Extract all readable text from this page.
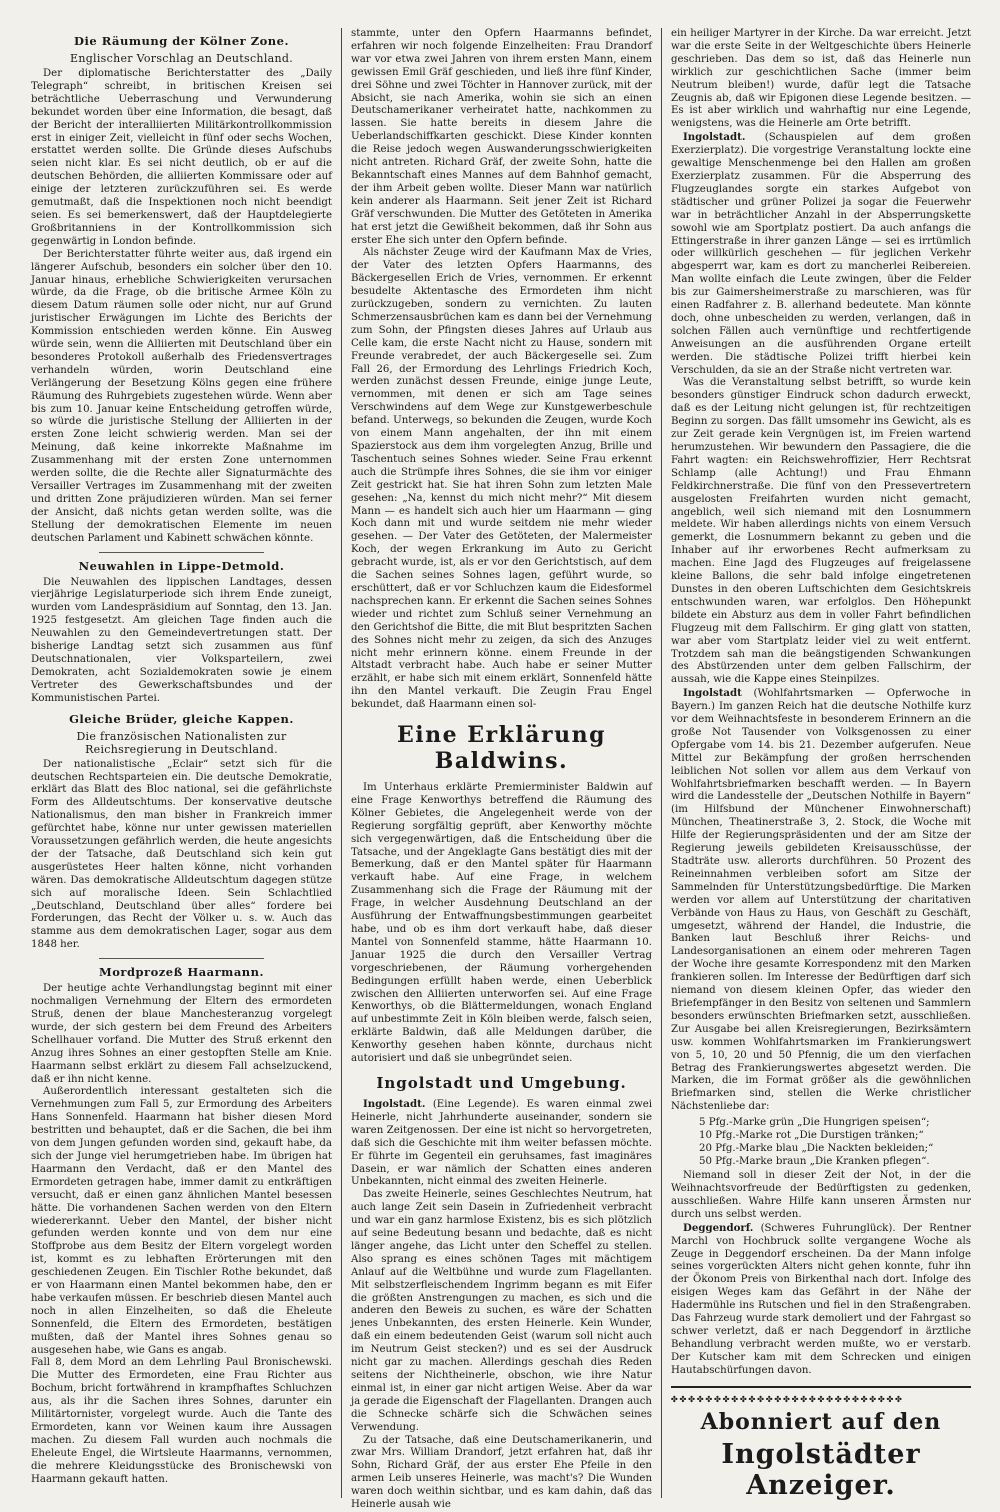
Die Räumung der Kölner Zone.
Englischer Vorschlag an Deutschland.

Der diplomatische Berichterstatter des „Daily Telegraph“ schreibt, in britischen Kreisen sei beträchtliche Ueberraschung und Verwunderung bekundet worden über eine Information, die besagt, daß der Bericht der interalliierten Militärkontrollkommission erst in einiger Zeit, vielleicht in fünf oder sechs Wochen, erstattet werden sollte. Die Gründe dieses Aufschubs seien nicht klar. Es sei nicht deutlich, ob er auf die deutschen Behörden, die alliierten Kommissare oder auf einige der letzteren zurückzuführen sei. Es werde gemutmaßt, daß die Inspektionen noch nicht beendigt seien. Es sei bemerkenswert, daß der Hauptdelegierte Großbritanniens in der Kontrollkommission sich gegenwärtig in London befinde.

Der Berichterstatter führte weiter aus, daß irgend ein längerer Aufschub, besonders ein solcher über den 10. Januar hinaus, erhebliche Schwierigkeiten verursachen würde, da die Frage, ob die britische Armee Köln zu diesem Datum räumen solle oder nicht, nur auf Grund juristischer Erwägungen im Lichte des Berichts der Kommission entschieden werden könne. Ein Ausweg würde sein, wenn die Alliierten mit Deutschland über ein besonderes Protokoll außerhalb des Friedensvertrages verhandeln würden, worin Deutschland eine Verlängerung der Besetzung Kölns gegen eine frühere Räumung des Ruhrgebiets zugestehen würde. Wenn aber bis zum 10. Januar keine Entscheidung getroffen würde, so würde die juristische Stellung der Alliierten in der ersten Zone leicht schwierig werden. Man sei der Meinung, daß keine inkorrekte Maßnahme im Zusammenhang mit der ersten Zone unternommen werden sollte, die die Rechte aller Signaturmächte des Versailler Vertrages im Zusammenhang mit der zweiten und dritten Zone präjudizieren würden. Man sei ferner der Ansicht, daß nichts getan werden sollte, was die Stellung der demokratischen Elemente im neuen deutschen Parlament und Kabinett schwächen könnte.

Neuwahlen in Lippe-Detmold.

Die Neuwahlen des lippischen Landtages, dessen vierjährige Legislaturperiode sich ihrem Ende zuneigt, wurden vom Landespräsidium auf Sonntag, den 13. Jan. 1925 festgesetzt. Am gleichen Tage finden auch die Neuwahlen zu den Gemeindevertretungen statt. Der bisherige Landtag setzt sich zusammen aus fünf Deutschnationalen, vier Volksparteilern, zwei Demokraten, acht Sozialdemokraten sowie je einem Vertreter des Gewerkschaftsbundes und der Kommunistischen Partei.

Gleiche Brüder, gleiche Kappen.
Die französischen Nationalisten zur Reichsregierung in Deutschland.

Der nationalistische „Eclair“ setzt sich für die deutschen Rechtsparteien ein. Die deutsche Demokratie, erklärt das Blatt des Bloc national, sei die gefährlichste Form des Alldeutschtums. Der konservative deutsche Nationalismus, den man bisher in Frankreich immer gefürchtet habe, könne nur unter gewissen materiellen Voraussetzungen gefährlich werden, die heute angesichts der der Tatsache, daß Deutschland sich kein gut ausgerüstetes Heer halten könne, nicht vorhanden wären. Das demokratische Alldeutschtum dagegen stütze sich auf moralische Ideen. Sein Schlachtlied „Deutschland, Deutschland über alles“ fordere bei Forderungen, das Recht der Völker u. s. w. Auch das stamme aus dem demokratischen Lager, sogar aus dem 1848 her.

Mordprozeß Haarmann.

Der heutige achte Verhandlungstag beginnt mit einer nochmaligen Vernehmung der Eltern des ermordeten Struß, denen der blaue Manchesteranzug vorgelegt wurde, der sich gestern bei dem Freund des Arbeiters Schellhauer vorfand. Die Mutter des Struß erkennt den Anzug ihres Sohnes an einer gestopften Stelle am Knie. Haarmann selbst erklärt zu diesem Fall achselzuckend, daß er ihn nicht kenne.

Außerordentlich interessant gestalteten sich die Vernehmungen zum Fall 5, zur Ermordung des Arbeiters Hans Sonnenfeld. Haarmann hat bisher diesen Mord bestritten und behauptet, daß er die Sachen, die bei ihm von dem Jungen gefunden worden sind, gekauft habe, da sich der Junge viel herumgetrieben habe. Im übrigen hat Haarmann den Verdacht, daß er den Mantel des Ermordeten getragen habe, immer damit zu entkräftigen versucht, daß er einen ganz ähnlichen Mantel besessen hätte. Die vorhandenen Sachen werden von den Eltern wiedererkannt. Ueber den Mantel, der bisher nicht gefunden werden konnte und von dem nur eine Stoffprobe aus dem Besitz der Eltern vorgelegt worden ist, kommt es zu lebhaften Erörterungen mit den geschiedenen Zeugen. Ein Tischler Rothe bekundet, daß er von Haarmann einen Mantel bekommen habe, den er habe verkaufen müssen. Er beschrieb diesen Mantel auch noch in allen Einzelheiten, so daß die Eheleute Sonnenfeld, die Eltern des Ermordeten, bestätigen mußten, daß der Mantel ihres Sohnes genau so ausgesehen habe, wie Gans es angab.

Fall 8, dem Mord an dem Lehrling Paul Bronischewski. Die Mutter des Ermordeten, eine Frau Richter aus Bochum, bricht fortwährend in krampfhaftes Schluchzen aus, als ihr die Sachen ihres Sohnes, darunter ein Militärtornister, vorgelegt wurde. Auch die Tante des Ermordeten, kann vor Weinen kaum ihre Aussagen machen. Zu diesem Fall wurden auch nochmals die Eheleute Engel, die Wirtsleute Haarmanns, vernommen, die mehrere Kleidungsstücke des Bronischewski von Haarmann gekauft hatten.

stammte, unter den Opfern Haarmanns befindet, erfahren wir noch folgende Einzelheiten: Frau Drandorf war vor etwa zwei Jahren von ihrem ersten Mann, einem gewissen Emil Gräf geschieden, und ließ ihre fünf Kinder, drei Söhne und zwei Töchter in Hannover zurück, mit der Absicht, sie nach Amerika, wohin sie sich an einen Deutschamerikaner verheiratet hatte, nachkommen zu lassen. Sie hatte bereits in diesem Jahre die Ueberlandschiffkarten geschickt. Diese Kinder konnten die Reise jedoch wegen Auswanderungsschwierigkeiten nicht antreten. Richard Gräf, der zweite Sohn, hatte die Bekanntschaft eines Mannes auf dem Bahnhof gemacht, der ihm Arbeit geben wollte. Dieser Mann war natürlich kein anderer als Haarmann. Seit jener Zeit ist Richard Gräf verschwunden. Die Mutter des Getöteten in Amerika hat erst jetzt die Gewißheit bekommen, daß ihr Sohn aus erster Ehe sich unter den Opfern befinde.

Als nächster Zeuge wird der Kaufmann Max de Vries, der Vater des letzten Opfers Haarmanns, des Bäckergesellen Erich de Vries, vernommen. Er erkennt besudelte Aktentasche des Ermordeten ihm nicht zurückzugeben, sondern zu vernichten. Zu lauten Schmerzensausbrüchen kam es dann bei der Vernehmung zum Sohn, der Pfingsten dieses Jahres auf Urlaub aus Celle kam, die erste Nacht nicht zu Hause, sondern mit Freunde verabredet, der auch Bäckergeselle sei. Zum Fall 26, der Ermordung des Lehrlings Friedrich Koch, werden zunächst dessen Freunde, einige junge Leute, vernommen, mit denen er sich am Tage seines Verschwindens auf dem Wege zur Kunstgewerbeschule befand. Unterwegs, so bekunden die Zeugen, wurde Koch von einem Mann angehalten, der ihn mit einem Spazierstock aus dem ihm vorgelegten Anzug, Brille und Taschentuch seines Sohnes wieder. Seine Frau erkennt auch die Strümpfe ihres Sohnes, die sie ihm vor einiger Zeit gestrickt hat. Sie hat ihren Sohn zum letzten Male gesehen: „Na, kennst du mich nicht mehr?“ Mit diesem Mann — es handelt sich auch hier um Haarmann — ging Koch dann mit und wurde seitdem nie mehr wieder gesehen. — Der Vater des Getöteten, der Malermeister Koch, der wegen Erkrankung im Auto zu Gericht gebracht wurde, ist, als er vor den Gerichtstisch, auf dem die Sachen seines Sohnes lagen, geführt wurde, so erschüttert, daß er vor Schluchzen kaum die Eidesformel nachsprechen kann. Er erkennt die Sachen seines Sohnes wieder und richtet zum Schluß seiner Vernehmung an den Gerichtshof die Bitte, die mit Blut bespritzten Sachen des Sohnes nicht mehr zu zeigen, da sich des Anzuges nicht mehr erinnern könne. einem Freunde in der Altstadt verbracht habe. Auch habe er seiner Mutter erzählt, er habe sich mit einem erklärt, Sonnenfeld hätte ihn den Mantel verkauft. Die Zeugin Frau Engel bekundet, daß Haarmann einen sol-

Eine Erklärung Baldwins.

Im Unterhaus erklärte Premierminister Baldwin auf eine Frage Kenworthys betreffend die Räumung des Kölner Gebietes, die Angelegenheit werde von der Regierung sorgfältig geprüft, aber Kenworthy möchte sich vergegenwärtigen, daß die Entscheidung über die Tatsache, und der Angeklagte Gans bestätigt dies mit der Bemerkung, daß er den Mantel später für Haarmann verkauft habe. Auf eine Frage, in welchem Zusammenhang sich die Frage der Räumung mit der Frage, in welcher Ausdehnung Deutschland an der Ausführung der Entwaffnungsbestimmungen gearbeitet habe, und ob es ihm dort verkauft habe, daß dieser Mantel von Sonnenfeld stamme, hätte Haarmann 10. Januar 1925 die durch den Versailler Vertrag vorgeschriebenen, der Räumung vorhergehenden Bedingungen erfüllt haben werde, einen Ueberblick zwischen den Alliierten unterworfen sei. Auf eine Frage Kenworthys, ob die Blättermeldungen, wonach England auf unbestimmte Zeit in Köln bleiben werde, falsch seien, erklärte Baldwin, daß alle Meldungen darüber, die Kenworthy gesehen haben könnte, durchaus nicht autorisiert und daß sie unbegründet seien.

Ingolstadt und Umgebung.

Ingolstadt. (Eine Legende). Es waren einmal zwei Heinerle, nicht Jahrhunderte auseinander, sondern sie waren Zeitgenossen. Der eine ist nicht so hervorgetreten, daß sich die Geschichte mit ihm weiter befassen möchte. Er führte im Gegenteil ein geruhsames, fast imaginäres Dasein, er war nämlich der Schatten eines anderen Unbekannten, nicht einmal des zweiten Heinerle.

Das zweite Heinerle, seines Geschlechtes Neutrum, hat auch lange Zeit sein Dasein in Zufriedenheit verbracht und war ein ganz harmlose Existenz, bis es sich plötzlich auf seine Bedeutung besann und bedachte, daß es nicht länger angehe, das Licht unter den Scheffel zu stellen. Also sprang es eines schönen Tages mit mächtigem Anlauf auf die Weltbühne und wurde zum Flagellanten. Mit selbstzerfleischendem Ingrimm begann es mit Eifer die größten Anstrengungen zu machen, es sich und die anderen den Beweis zu suchen, es wäre der Schatten jenes Unbekannten, des ersten Heinerle. Kein Wunder, daß ein einem bedeutenden Geist (warum soll nicht auch im Neutrum Geist stecken?) und es sei der Ausdruck nicht gar zu machen. Allerdings geschah dies Reden seitens der Nichtheinerle, obschon, wie ihre Natur einmal ist, in einer gar nicht artigen Weise. Aber da war ja gerade die Eigenschaft der Flagellanten. Drangen auch die Schnecke schärfe sich die Schwächen seines Verwendung.

Zu der Tatsache, daß eine Deutschamerikanerin, und zwar Mrs. William Drandorf, jetzt erfahren hat, daß ihr Sohn, Richard Gräf, der aus erster Ehe Pfeile in den armen Leib unseres Heinerle, was macht's? Die Wunden waren doch weithin sichtbar, und es kam dahin, daß das Heinerle ausah wie

ein heiliger Martyrer in der Kirche. Da war erreicht. Jetzt war die erste Seite in der Weltgeschichte übers Heinerle geschrieben. Das dem so ist, daß das Heinerle nun wirklich zur geschichtlichen Sache (immer beim Neutrum bleiben!) wurde, dafür legt die Tatsache Zeugnis ab, daß wir Epigonen diese Legende besitzen. — Es ist aber wirklich und wahrhaftig nur eine Legende, wenigstens, was die Heinerle am Orte betrifft.

Ingolstadt. (Schauspielen auf dem großen Exerzierplatz). Die vorgestrige Veranstaltung lockte eine gewaltige Menschenmenge bei den Hallen am großen Exerzierplatz zusammen. Für die Absperrung des Flugzeuglandes sorgte ein starkes Aufgebot von städtischer und grüner Polizei ja sogar die Feuerwehr war in beträchtlicher Anzahl in der Absperrungskette sowohl wie am Sportplatz postiert. Da auch anfangs die Ettingerstraße in ihrer ganzen Länge — sei es irrtümlich oder willkürlich geschehen — für jeglichen Verkehr abgesperrt war, kam es dort zu mancherlei Reibereien. Man wollte einfach die Leute zwingen, über die Felder bis zur Gaimersheimerstraße zu marschieren, was für einen Radfahrer z. B. allerhand bedeutete. Man könnte doch, ohne unbescheiden zu werden, verlangen, daß in solchen Fällen auch vernünftige und rechtfertigende Anweisungen an die ausführenden Organe erteilt werden. Die städtische Polizei trifft hierbei kein Verschulden, da sie an der Straße nicht vertreten war.

Was die Veranstaltung selbst betrifft, so wurde kein besonders günstiger Eindruck schon dadurch erweckt, daß es der Leitung nicht gelungen ist, für rechtzeitigen Beginn zu sorgen. Das fällt umsomehr ins Gewicht, als es zur Zeit gerade kein Vergnügen ist, im Freien wartend herumzustehen. Wir bewundern den Passagiere, die die Fahrt wagten: ein Reichswehroffizier, Herr Rechtsrat Schlamp (alle Achtung!) und Frau Ehmann Feldkirchnerstraße. Die fünf von den Pressevertretern ausgelosten Freifahrten wurden nicht gemacht, angeblich, weil sich niemand mit den Losnummern meldete. Wir haben allerdings nichts von einem Versuch gemerkt, die Losnummern bekannt zu geben und die Inhaber auf ihr erworbenes Recht aufmerksam zu machen. Eine Jagd des Flugzeuges auf freigelassene kleine Ballons, die sehr bald infolge eingetretenen Dunstes in den oberen Luftschichten dem Gesichtskreis entschwunden waren, war erfolglos. Den Höhepunkt bildete ein Absturz aus dem in voller Fahrt befindlichen Flugzeug mit dem Fallschirm. Er ging glatt von statten, war aber vom Startplatz leider viel zu weit entfernt. Trotzdem sah man die beängstigenden Schwankungen des Abstürzenden unter dem gelben Fallschirm, der aussah, wie die Kappe eines Steinpilzes.

Ingolstadt (Wohlfahrtsmarken — Opferwoche in Bayern.) Im ganzen Reich hat die deutsche Nothilfe kurz vor dem Weihnachtsfeste in besonderem Erinnern an die große Not Tausender von Volksgenossen zu einer Opfergabe vom 14. bis 21. Dezember aufgerufen. Neue Mittel zur Bekämpfung der großen herrschenden leiblichen Not sollen vor allem aus dem Verkauf von Wohlfahrtsbriefmarken beschafft werden. — In Bayern wird die Landesstelle der „Deutschen Nothilfe in Bayern“ (im Hilfsbund der Münchener Einwohnerschaft) München, Theatinerstraße 3, 2. Stock, die Woche mit Hilfe der Regierungspräsidenten und der am Sitze der Regierung jeweils gebildeten Kreisausschüsse, der Stadträte usw. allerorts durchführen. 50 Prozent des Reineinnahmen verbleiben sofort am Sitze der Sammelnden für Unterstützungsbedürftige. Die Marken werden vor allem auf Unterstützung der charitativen Verbände von Haus zu Haus, von Geschäft zu Geschäft, umgesetzt, während der Handel, die Industrie, die Banken laut Beschluß ihrer Reichs- und Landesorganisationen an einem oder mehreren Tagen der Woche ihre gesamte Korrespondenz mit den Marken frankieren sollen. Im Interesse der Bedürftigen darf sich niemand von diesem kleinen Opfer, das wieder den Briefempfänger in den Besitz von seltenen und Sammlern besonders erwünschten Briefmarken setzt, ausschließen. Zur Ausgabe bei allen Kreisregierungen, Bezirksämtern usw. kommen Wohlfahrtsmarken im Frankierungswert von 5, 10, 20 und 50 Pfennig, die um den vierfachen Betrag des Frankierungswertes abgesetzt werden. Die Marken, die im Format größer als die gewöhnlichen Briefmarken sind, stellen die Werke christlicher Nächstenliebe dar:

5 Pfg.-Marke grün „Die Hungrigen speisen“;
10 Pfg.-Marke rot „Die Durstigen tränken;“
20 Pfg.-Marke blau „Die Nackten bekleiden;“
50 Pfg.-Marke braun „Die Kranken pflegen“.

Niemand soll in dieser Zeit der Not, in der die Weihnachtsvorfreude der Bedürftigsten zu gedenken, ausschließen. Wahre Hilfe kann unseren Ärmsten nur durch uns selbst werden.

Deggendorf. (Schweres Fuhrunglück). Der Rentner Marchl von Hochbruck sollte vergangene Woche als Zeuge in Deggendorf erscheinen. Da der Mann infolge seines vorgerückten Alters nicht gehen konnte, fuhr ihn der Ökonom Preis von Birkenthal nach dort. Infolge des eisigen Weges kam das Gefährt in der Nähe der Hadermühle ins Rutschen und fiel in den Straßengraben. Das Fahrzeug wurde stark demoliert und der Fahrgast so schwer verletzt, daß er nach Deggendorf in ärztliche Behandlung verbracht werden mußte, wo er verstarb. Der Kutscher kam mit dem Schrecken und einigen Hautabschürfungen davon.

✤✤✤✤✤✤✤✤✤✤✤✤✤✤✤✤✤✤✤✤✤✤✤✤✤✤✤
Abonniert auf den
Ingolstädter Anzeiger.
